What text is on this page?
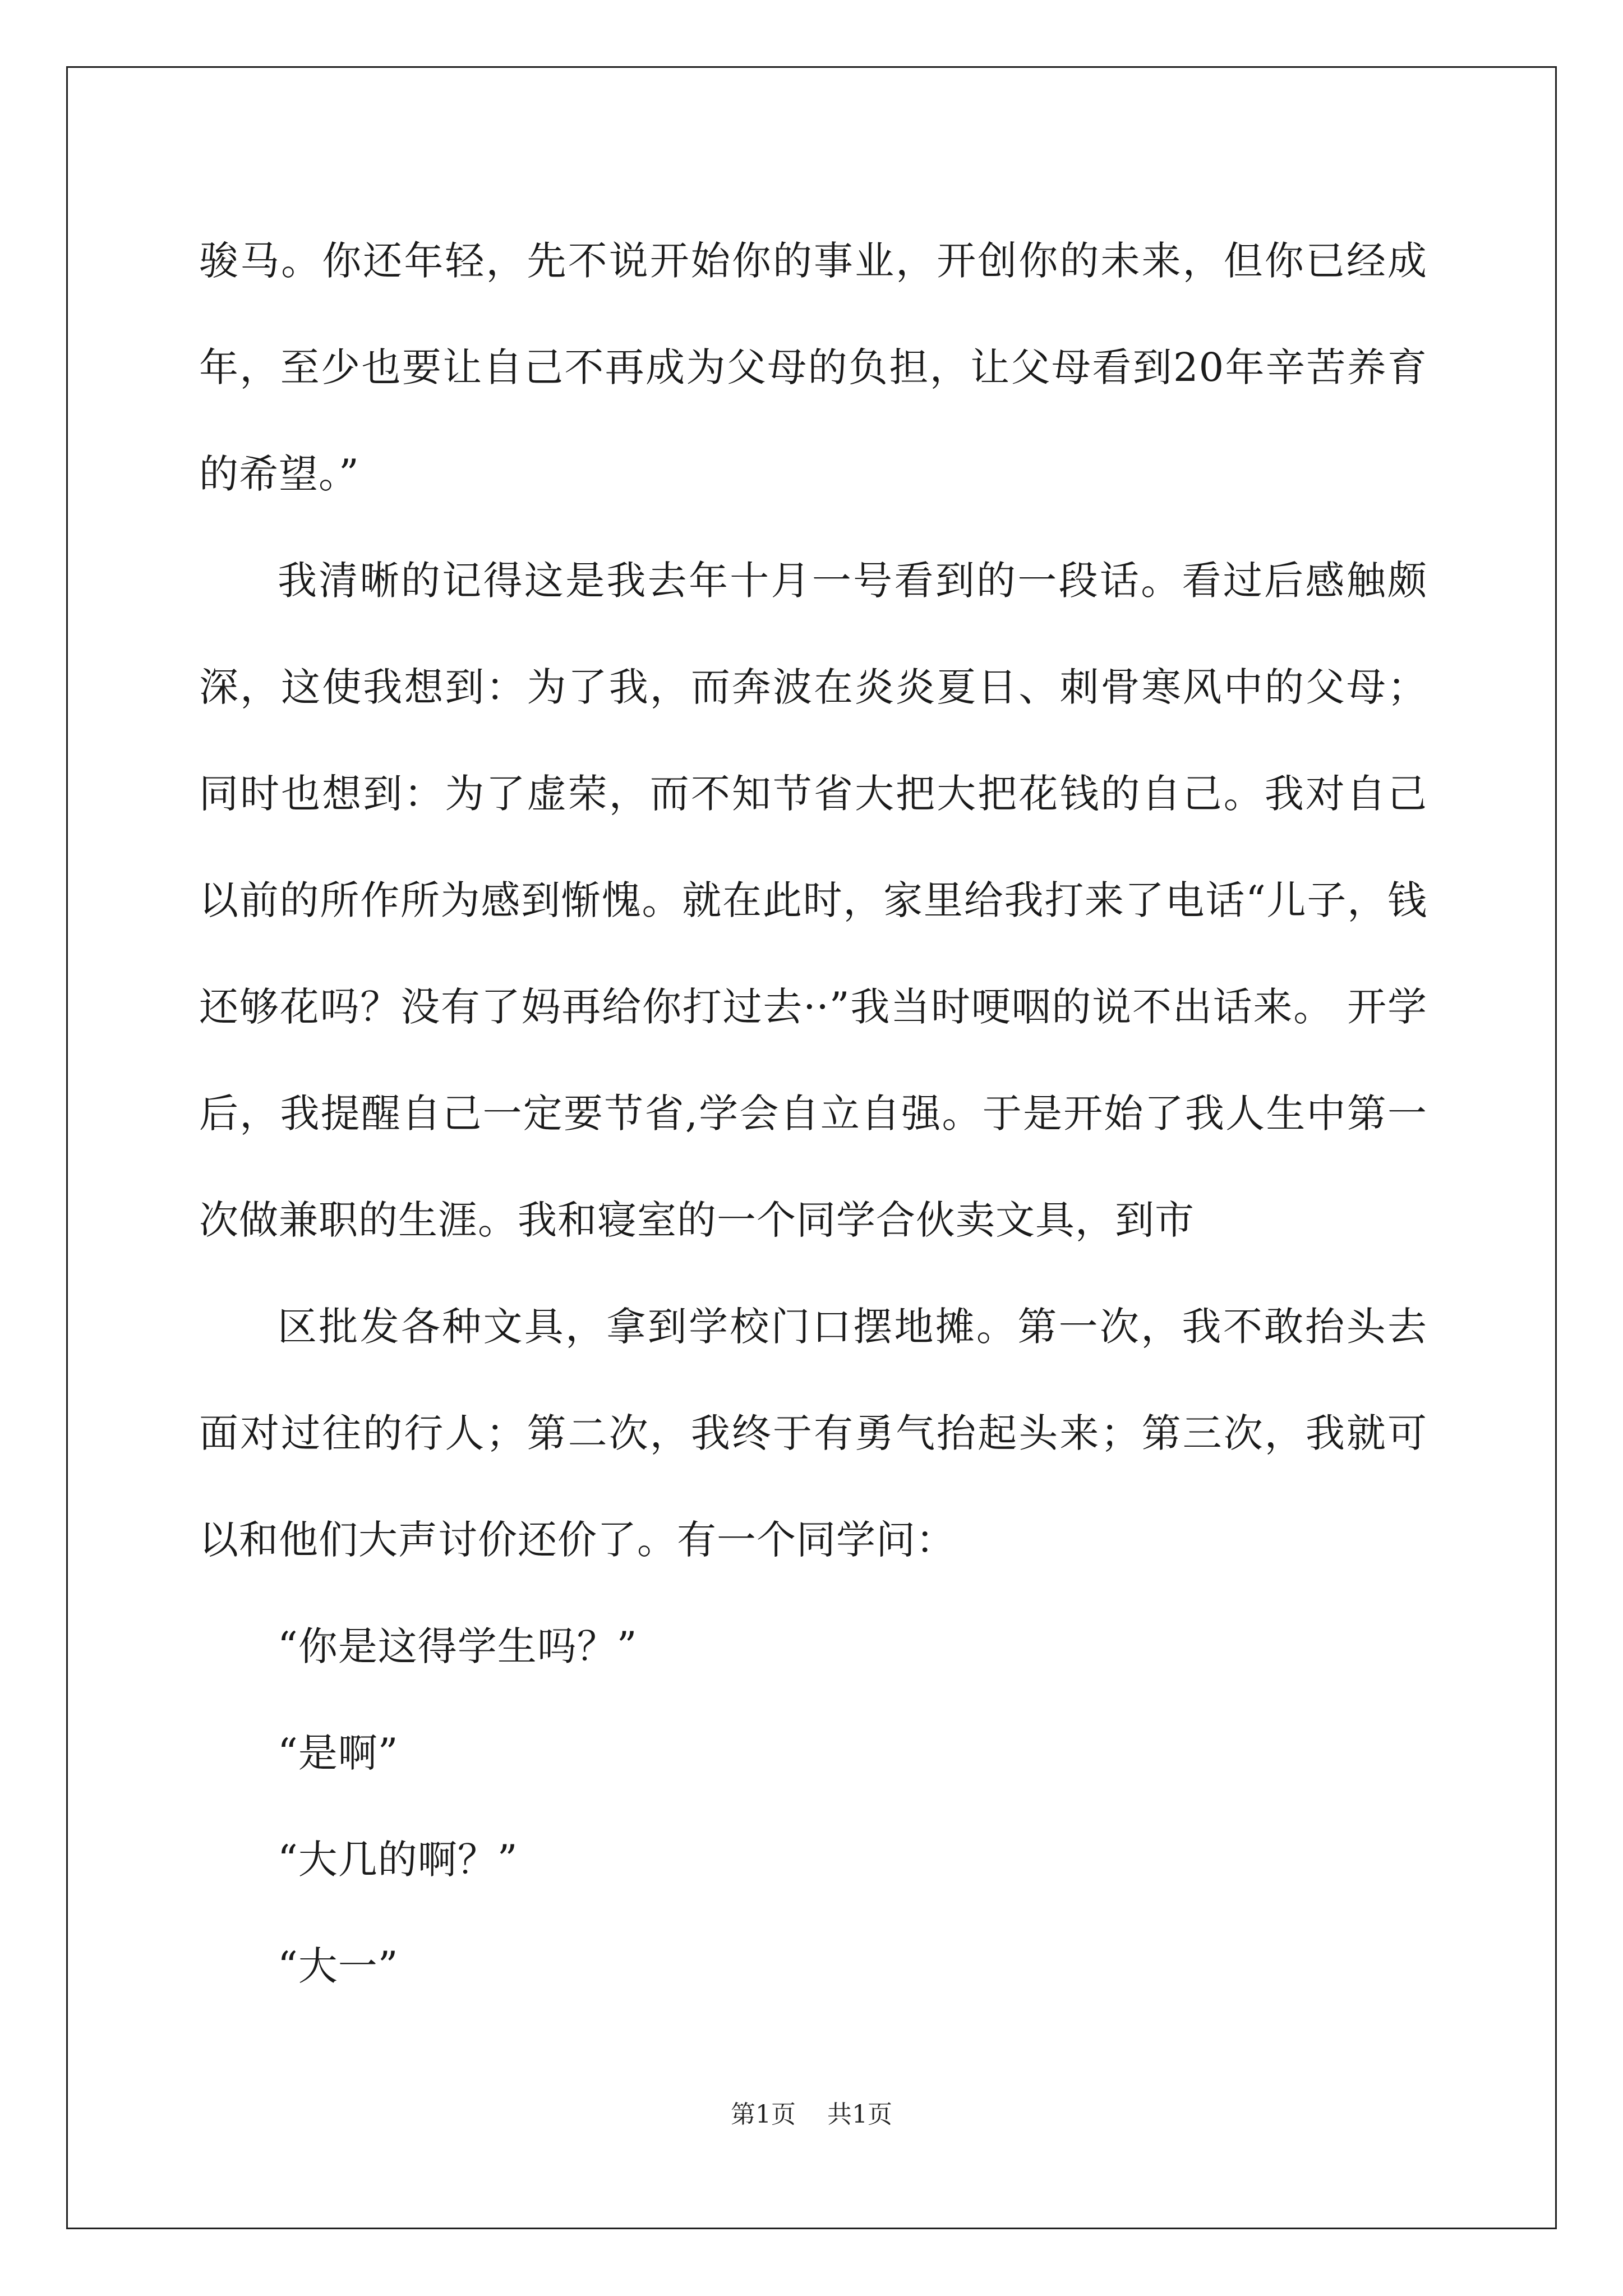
骏马。你还年轻，先不说开始你的事业，开创你的未来，但你已经成年，至少也要让自己不再成为父母的负担，让父母看到20年辛苦养育的希望。”

我清晰的记得这是我去年十月一号看到的一段话。看过后感触颇深，这使我想到：为了我，而奔波在炎炎夏日、刺骨寒风中的父母；同时也想到：为了虚荣，而不知节省大把大把花钱的自己。我对自己以前的所作所为感到惭愧。就在此时，家里给我打来了电话“儿子，钱还够花吗？没有了妈再给你打过去··”我当时哽咽的说不出话来。 开学后，我提醒自己一定要节省,学会自立自强。于是开始了我人生中第一次做兼职的生涯。我和寝室的一个同学合伙卖文具，到市

区批发各种文具，拿到学校门口摆地摊。第一次，我不敢抬头去面对过往的行人；第二次，我终于有勇气抬起头来；第三次，我就可以和他们大声讨价还价了。有一个同学问：

“你是这得学生吗？”

“是啊”

“大几的啊？”

“大一”

第1页 共1页
